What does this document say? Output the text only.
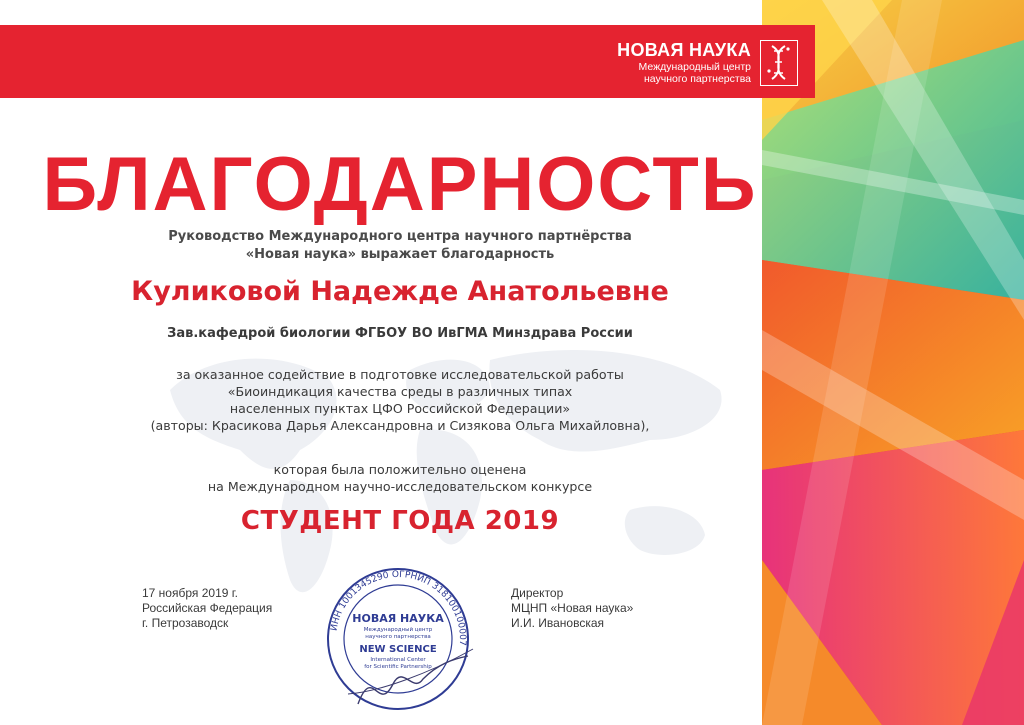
НОВАЯ НАУКА
Международный центр
научного партнерства
БЛАГОДАРНОСТЬ
Руководство Международного центра научного партнёрства
«Новая наука» выражает благодарность
Куликовой Надежде Анатольевне
Зав.кафедрой биологии ФГБОУ ВО ИвГМА Минздрава России
за оказанное содействие в подготовке исследовательской работы
«Биоиндикация качества среды в различных типах
населенных пунктах ЦФО Российской Федерации»
(авторы: Красикова Дарья Александровна и Сизякова Ольга Михайловна),
которая была положительно оценена
на Международном научно-исследовательском конкурсе
СТУДЕНТ ГОДА 2019
17 ноября 2019 г.
Российская Федерация
г. Петрозаводск
Директор
МЦНП «Новая наука»
И.И. Ивановская
ИНН 1001345290 ОГРНИП 318100100007
НОВАЯ НАУКА
Международный центр
научного партнерства
NEW SCIENCE
International Center
for Scientific Partnership
